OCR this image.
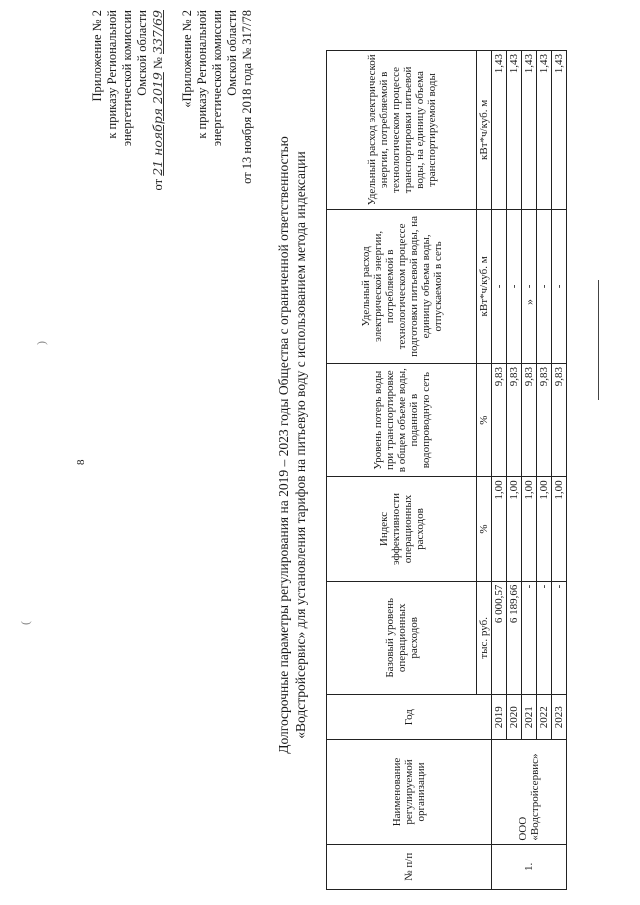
(
8
)
Приложение № 2 к приказу Региональной энергетической комиссии Омской области
от 21 ноября 2019 № 337/69 «Приложение № 2 к приказу Региональной энергетической комиссии Омской области от 13 ноября 2018 года № 317/78
Долгосрочные параметры регулирования на 2019 – 2023 годы Общества с ограниченной ответственностью «Водстройсервис» для установления тарифов на питьевую воду с использованием метода индексации
№ п/п	Наименование регулируемой организации	Год	Базовый уровень операционных расходов	Индекс эффективности операционных расходов	Уровень потерь воды при транспортировке в общем объеме воды, поданной в водопроводную сеть	Удельный расход электрической энергии, потребляемой в технологическом процессе подготовки питьевой воды, на единицу объема воды, отпускаемой в сеть	Удельный расход электрической энергии, потребляемой в технологическом процессе транспортировки питьевой воды, на единицу объема транспортируемой воды
			тыс. руб.	%	%	кВт*ч/куб. м	кВт*ч/куб. м
1.	ООО «Водстройсервис»	2019	6 000,57	1,00	9,83	-	1,43
		2020	6 189,66	1,00	9,83	-	1,43
		2021	-	1,00	9,83	-	1,43
		2022	-	1,00	9,83	-	1,43
		2023	-	1,00	9,83	-	1,43
»
